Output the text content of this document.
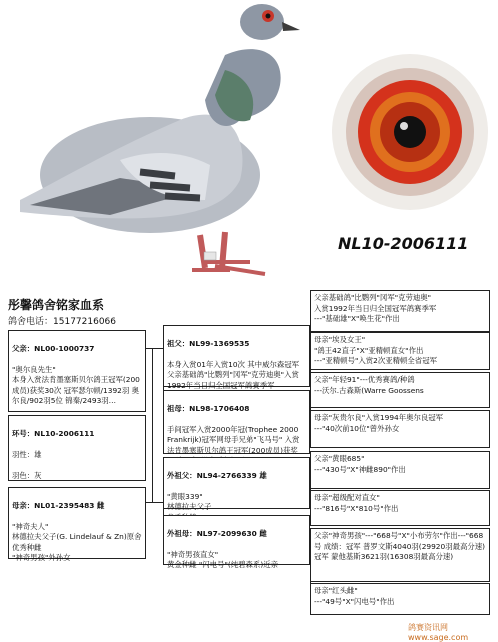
NL10-2006111
彤馨鸽舍铭家血系
鸽舍电话：15177216066

父亲：NL00-1000737

"奥尔良先生"
本身入赏法肯墨塞斯贝尔鸽王冠军(200成员)获奖30次 冠军瑟尔顿/1392羽 奥尔良/902羽5位 锦秦/2493羽…

环号：NL10-2006111

羽性：雄

羽色：灰

母亲：NL01-2395483 雌

"神奇夫人"
林德拉夫父子(G. Lindelauf & Zn)原舍
优秀种雌
"神奇男孩"外孙女

祖父：NL99-1369535

本身入赏01年入赏10次 其中威尔森冠军父亲基础鸽"比鹦列"冈军"克劳迪奥"入赏1992年当日归全国冠军鸽赛季军

祖母：NL98-1706408

手间冠军入赏2000年冠(Trophee 2000 Frankrijk)冠军网母手兄弟"飞马号" 入赏法肯墨塞斯贝尔鸽王冠军(200成员)获奖

外祖父：NL94-2766339 雄

"黄眼339"
林德拉夫父子

外祖母：NL97-2099630 雌

"神奇男孩直女"
黄金种雌 "闪电号"(纯碧森系)近亲

父亲基础鸽"比鹦列"冈军"克劳迪奥"
入赏1992年当日归全国冠军鸽赛季军
---"基础雄"X"唤生花"作出
母亲"埃及女王"
"鸽王42直子"X"亚精顿直女"作出
---"亚精顿号"入赏2次亚精顿全省冠军
父亲"年轻91"---优秀赛鸽/种鸽
---沃尔.古森斯(Warre Goossens
母亲"灰贵尔良"入赏1994年奥尔良冠军
---"40次前10位"曾外孙女
父亲"黄眼685"
---"430号"X"神雌890"作出
母亲"超级配对直女"
---"816号"X"810号"作出
父亲"神奇男孩"---"668号"X"小布劳尔"作出---"668号 成绩：冠军 普罗文斯4040羽(29920羽最高分速)冠军 蒙他基斯3621羽(16308羽最高分速)
母亲"红头雌"
---"49号"X"闪电号"作出
鸽赛资讯网 www.sage.com
